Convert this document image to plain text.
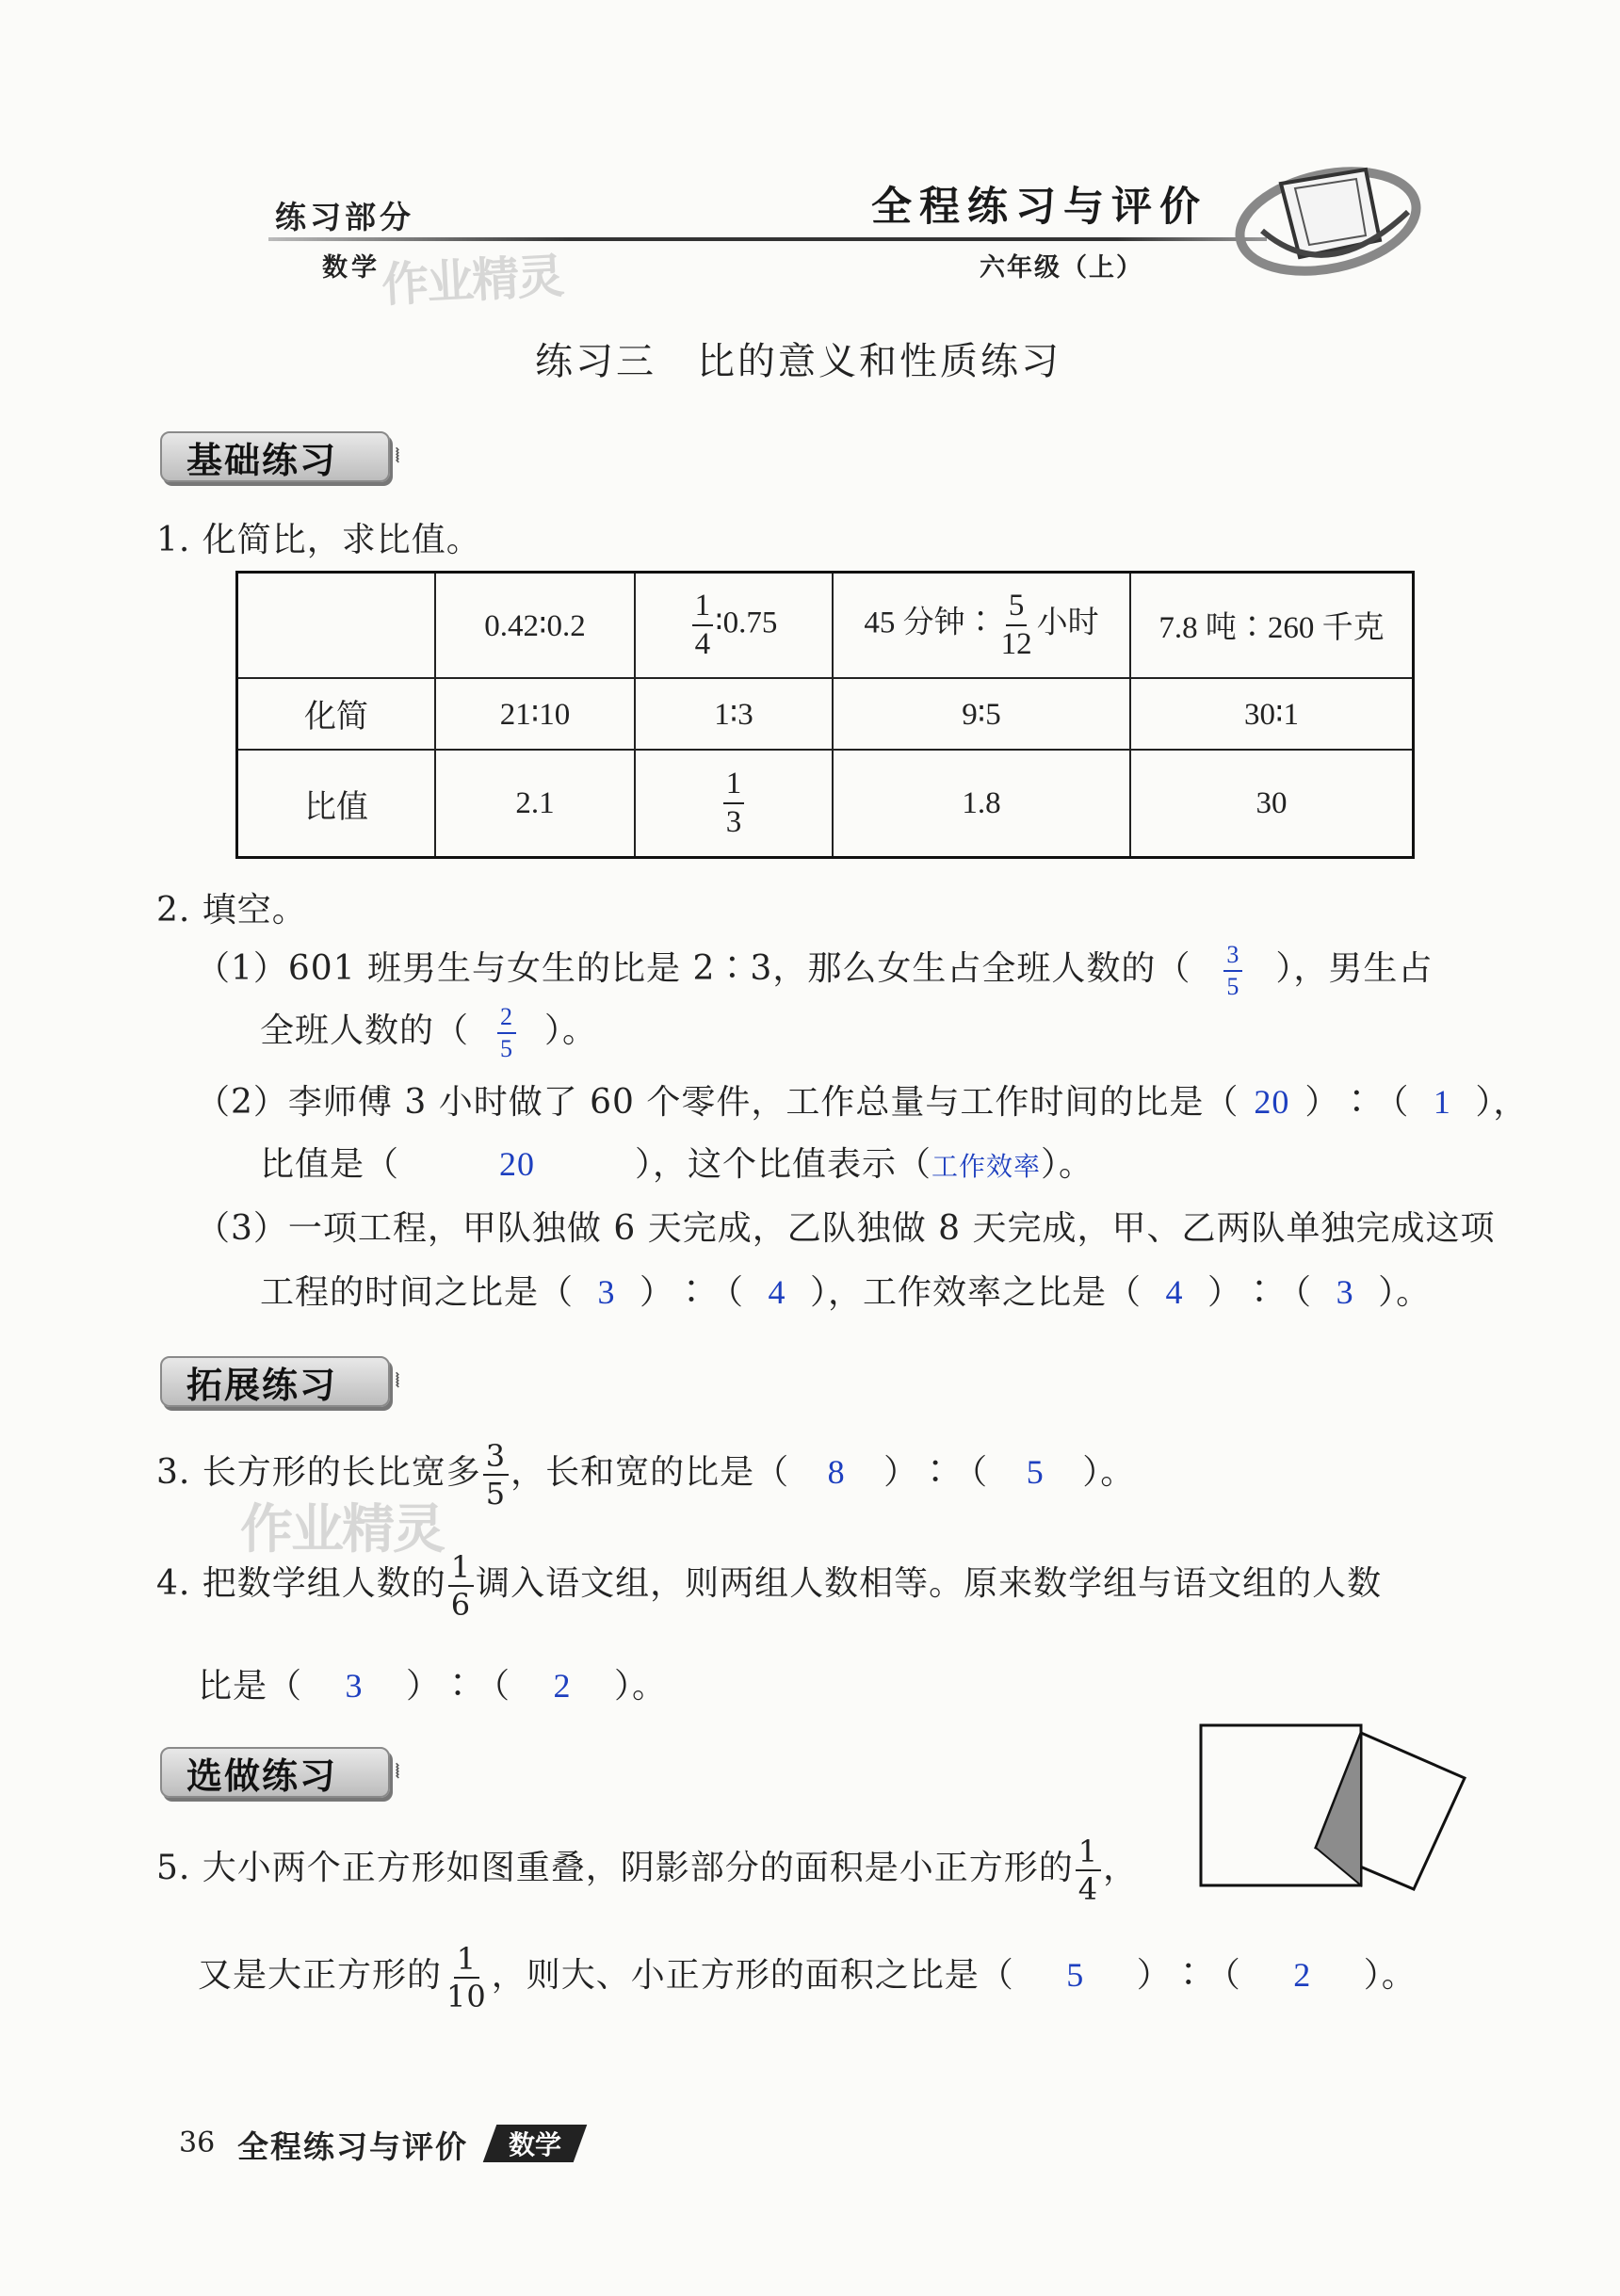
练习部分
数学
全程练习与评价
六年级（上）
作业精灵
练习三　比的意义和性质练习
基础练习	⦚
1. 化简比，求比值。
	0.42∶0.2	$\frac{1}{4}$ ∶0.75	45 分钟∶ $\frac{5}{12}$ 小时	7.8 吨∶260 千克
化简	21∶10	1∶3	9∶5	30∶1
比值	2.1	$\frac{1}{3}$	1.8	30
2. 填空。
（1）601 班男生与女生的比是 2∶3，那么女生占全班人数的（ $\frac{3}{5}$ ），男生占
全班人数的（ $\frac{2}{5}$ ）。
（2）李师傅 3 小时做了 60 个零件，工作总量与工作时间的比是（ 20 ）∶（ 1 ），
比值是（	20	），这个比值表示（工作效率）。
（3）一项工程，甲队独做 6 天完成，乙队独做 8 天完成，甲、乙两队单独完成这项
工程的时间之比是（ 3 ）∶（ 4 ），工作效率之比是（ 4 ）∶（ 3 ）。
拓展练习	⦚
3. 长方形的长比宽多 $\frac{3}{5}$ ，长和宽的比是（ 8 ）∶（ 5 ）。
作业精灵
4. 把数学组人数的 $\frac{1}{6}$ 调入语文组，则两组人数相等。原来数学组与语文组的人数
比是（ 3 ）∶（ 2 ）。
选做练习	⦚
5. 大小两个正方形如图重叠，阴影部分的面积是小正方形的 $\frac{1}{4}$ ，
又是大正方形的 $\frac{1}{10}$ ，则大、小正方形的面积之比是（ 5 ）∶（ 2 ）。
36 全程练习与评价 数学
